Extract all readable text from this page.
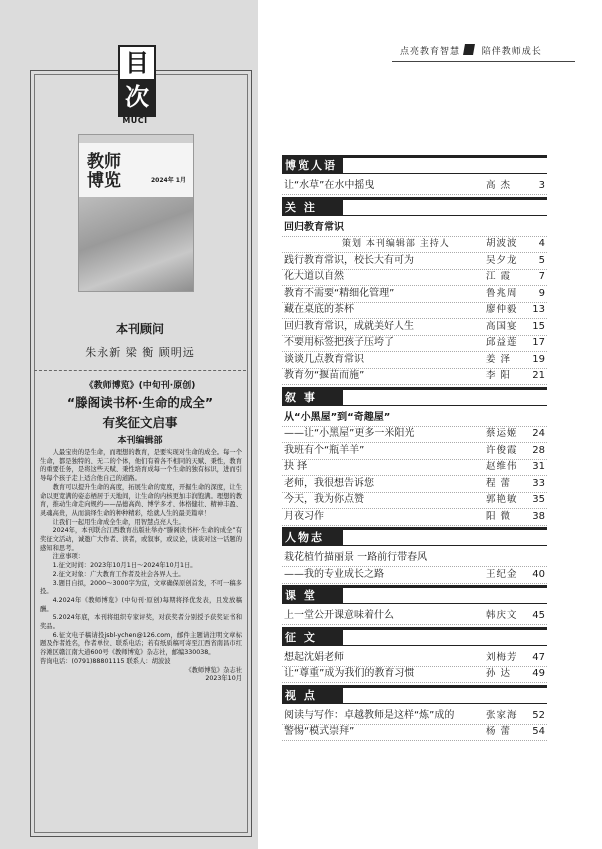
目
次
MUCI
教师
博览	2024年 1月
本刊顾问
朱永新 梁 衡 顾明远
《教师博览》(中旬刊·原创)
“滕阁读书杯·生命的成全”
有奖征文启事
本刊编辑部

人最宝贵的是生命，而理想的教育，是要实现对生命的成全。每一个生命，都是独特的、无二的个体，他们有着各不相同的天赋、秉性，教育的重要任务，是将这些天赋、秉性培育成每一个生命的独有标识，进而引导每个孩子走上适合他自己的道路。

教育可以提升生命的高度，拓展生命的宽度，开掘生命的深度，让生命以更宽满的姿态栖居于天地间，让生命的内核更加丰润饱满。理想的教育，推动生命走向规约——品德高尚、博学多才、体格健壮、精神丰盈、灵魂高贵，从而演绎生命的种种精彩，绘就人生的最美篇章！

让我们一起用生命成全生命，用智慧点亮人生。

2024年，本刊联合江西教育出版社举办“滕阁读书杯·生命的成全”有奖征文活动，诚邀广大作者、读者，或叙事，或议论，谈谈对这一话题的感知和思考。

注意事项：

1.征文时间：2023年10月1日～2024年10月1日。

2.征文对象：广大教育工作者及社会各界人士。

3.题目自拟，2000～3000字为宜，文章确保原创首发，不可一稿多投。

4.2024年《教师博览》(中旬刊·原创)每期将择优发表，且发放稿酬。

5.2024年底，本刊将组织专家评奖，对获奖者分别授予获奖证书和奖品。

6.征文电子稿请投jsbl-ychen@126.com，邮件主题请注明文章标题及作者姓名，作者单位、联系电话；若有纸质稿可寄至江西省南昌市红谷滩区赣江南大道600号《教师博览》杂志社，邮编330038。

咨询电话：(0791)88801115 联系人：胡波波

《教师博览》杂志社

2023年10月

点亮教育智慧 陪伴教师成长
博览人语
让“水草”在水中摇曳	高 杰	3
关 注
回归教育常识
策划 本刊编辑部 主持人	胡波波	4
践行教育常识，校长大有可为	吴夕龙	5
化大道以自然	江 霞	7
教育不需要“精细化管理”	鲁兆周	9
藏在桌底的茶杯	廖仲毅	13
回归教育常识，成就美好人生	高国宴	15
不要用标签把孩子压垮了	邱益莲	17
谈谈几点教育常识	姜 泽	19
教育勿“揠苗而施”	李 阳	21
叙 事
从“小黑屋”到“奇趣屋”
——让“小黑屋”更多一米阳光	蔡运姬	24
我班有个“瓶羊羊”	许俊霞	28
抉 择	赵维伟	31
老师，我很想告诉您	程 蕾	33
今天，我为你点赞	郭艳敏	35
月夜习作	阳 微	38
人物志
栽花植竹描丽景 一路前行带春风
——我的专业成长之路	王纪金	40
课 堂
上一堂公开课意味着什么	韩庆文	45
征 文
想起沈娟老师	刘梅芳	47
让“尊重”成为我们的教育习惯	孙 达	49
视 点
阅读与写作：卓越教师是这样“炼”成的	张家海	52
警惕“模式崇拜”	杨 蕾	54
